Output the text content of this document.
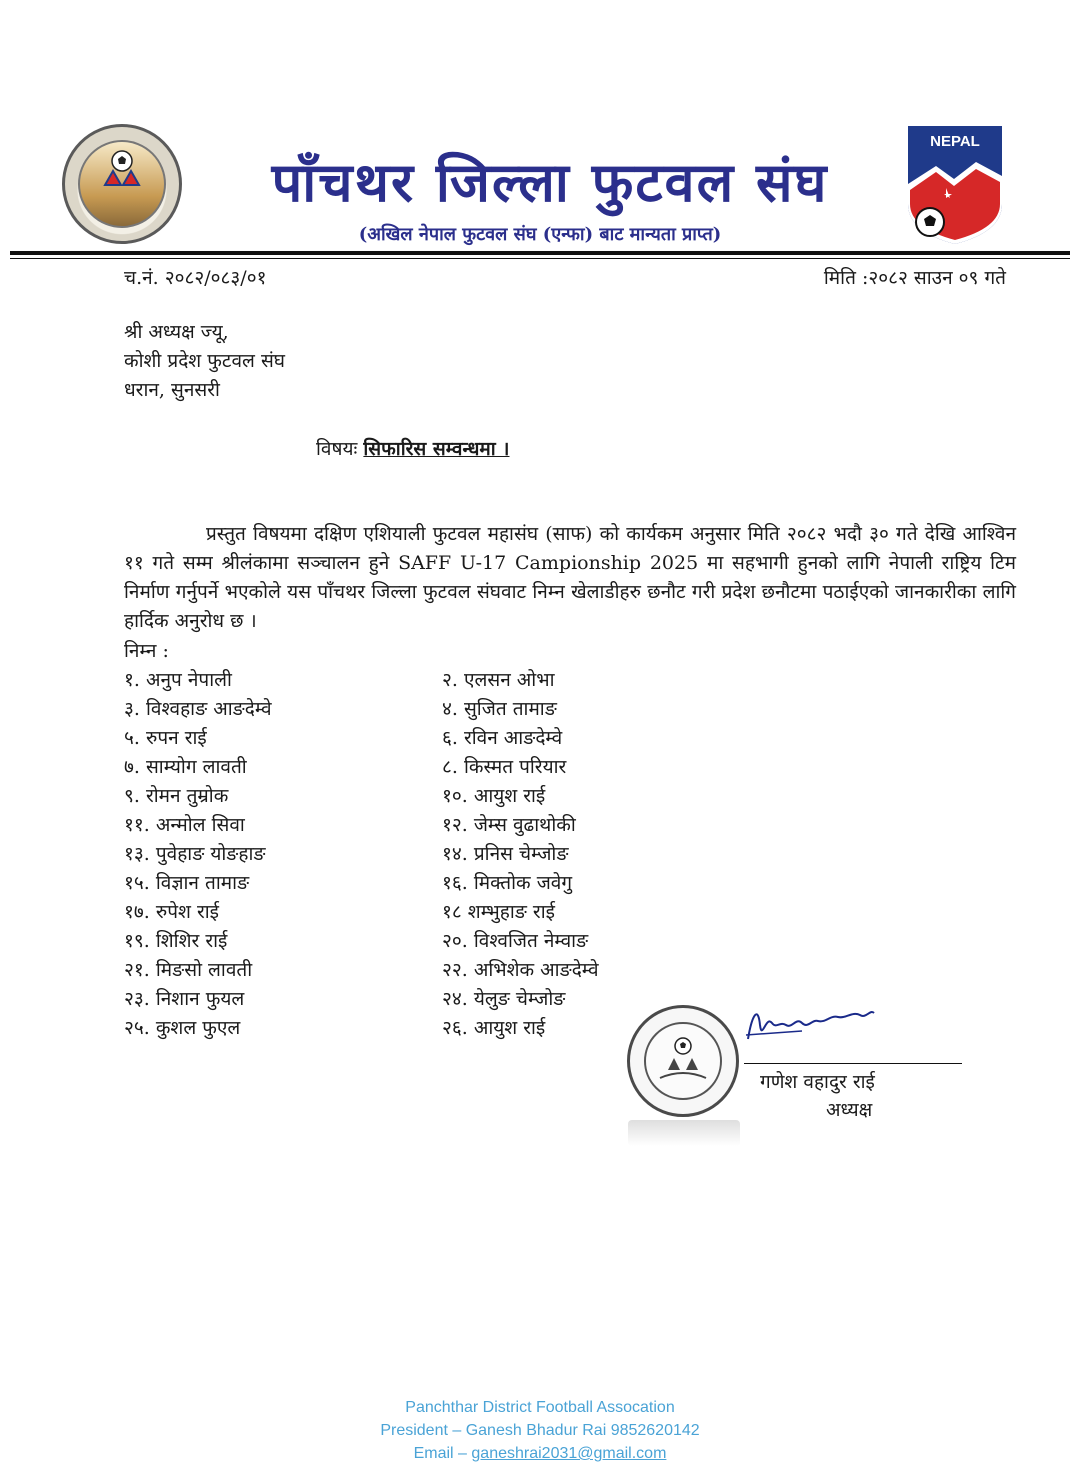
पाँचथर जिल्ला फुटवल संघ
(अखिल नेपाल फुटवल संघ (एन्फा) बाट मान्यता प्राप्त)
NEPAL
च.नं. २०८२/०८३/०१	मिति :२०८२ साउन ०९ गते
श्री अध्यक्ष ज्यू,
कोशी प्रदेश फुटवल संघ
धरान, सुनसरी
विषयः सिफारिस सम्वन्धमा ।
प्रस्तुत विषयमा दक्षिण एशियाली फुटवल महासंघ (साफ) को कार्यकम अनुसार मिति २०८२ भदौ ३० गते देखि आश्विन ११ गते सम्म श्रीलंकामा सञ्चालन हुने SAFF U-17 Campionship 2025 मा सहभागी हुनको लागि नेपाली राष्ट्रिय टिम निर्माण गर्नुपर्ने भएकोले यस पाँचथर जिल्ला फुटवल संघवाट निम्न खेलाडीहरु छनौट गरी प्रदेश छनौटमा पठाईएको जानकारीका लागि हार्दिक अनुरोध छ ।
निम्न :
१. अनुप नेपाली
३. विश्वहाङ आङदेम्वे
५. रुपन राई
७. साम्योग लावती
९. रोमन तुम्रोक
११. अन्मोल सिवा
१३. पुवेहाङ योङहाङ
१५. विज्ञान तामाङ
१७. रुपेश राई
१९. शिशिर राई
२१. मिङसो लावती
२३. निशान फुयल
२५. कुशल फुएल
२. एलसन ओभा
४. सुजित तामाङ
६. रविन आङदेम्वे
८. किस्मत परियार
१०. आयुश राई
१२. जेम्स वुढाथोकी
१४. प्रनिस चेम्जोङ
१६. मिक्तोक जवेगु
१८ शम्भुहाङ राई
२०. विश्वजित नेम्वाङ
२२. अभिशेक आङदेम्वे
२४. येलुङ चेम्जोङ
२६. आयुश राई
गणेश वहादुर राई
अध्यक्ष
Panchthar District Football Assocation
President – Ganesh Bhadur Rai 9852620142
Email – ganeshrai2031@gmail.com
